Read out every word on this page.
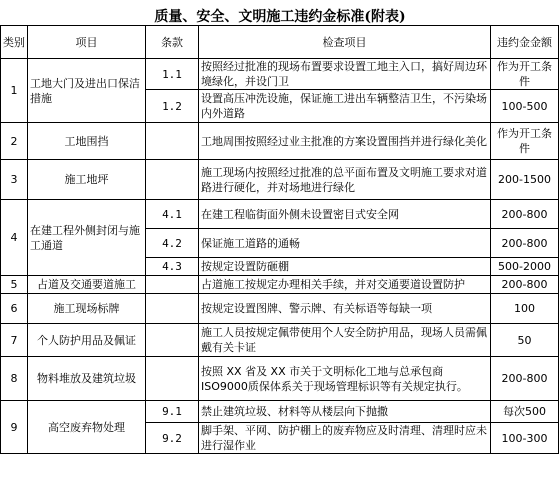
质量、安全、文明施工违约金标准(附表)
类别	项目	条款	检查项目	违约金金额
1	工地大门及进出口保洁措施	1.1	按照经过批准的现场布置要求设置工地主入口，搞好周边环境绿化，并设门卫	作为开工条件
		1.2	设置高压冲洗设施，保证施工进出车辆整洁卫生，不污染场内外道路	100-500
2	工地围挡		工地周围按照经过业主批准的方案设置围挡并进行绿化美化	作为开工条件
3	施工地坪		施工现场内按照经过批准的总平面布置及文明施工要求对道路进行硬化，并对场地进行绿化	200-1500
4	在建工程外侧封闭与施工通道	4.1	在建工程临街面外侧未设置密目式安全网	200-800
		4.2	保证施工道路的通畅	200-800
		4.3	按规定设置防砸棚	500-2000
5	占道及交通要道施工		占道施工按规定办理相关手续，并对交通要道设置防护	200-800
6	施工现场标牌		按规定设置图牌、警示牌、有关标语等每缺一项	100
7	个人防护用品及佩证		施工人员按规定佩带使用个人安全防护用品，现场人员需佩戴有关卡证	50
8	物料堆放及建筑垃圾		按照 XX 省及 XX 市关于文明标化工地与总承包商ISO9000质保体系关于现场管理标识等有关规定执行。	200-800
9	高空废弃物处理	9.1	禁止建筑垃圾、材料等从楼层向下抛撒	每次500
		9.2	脚手架、平网、防护棚上的废弃物应及时清理、清理时应未进行湿作业	100-300
